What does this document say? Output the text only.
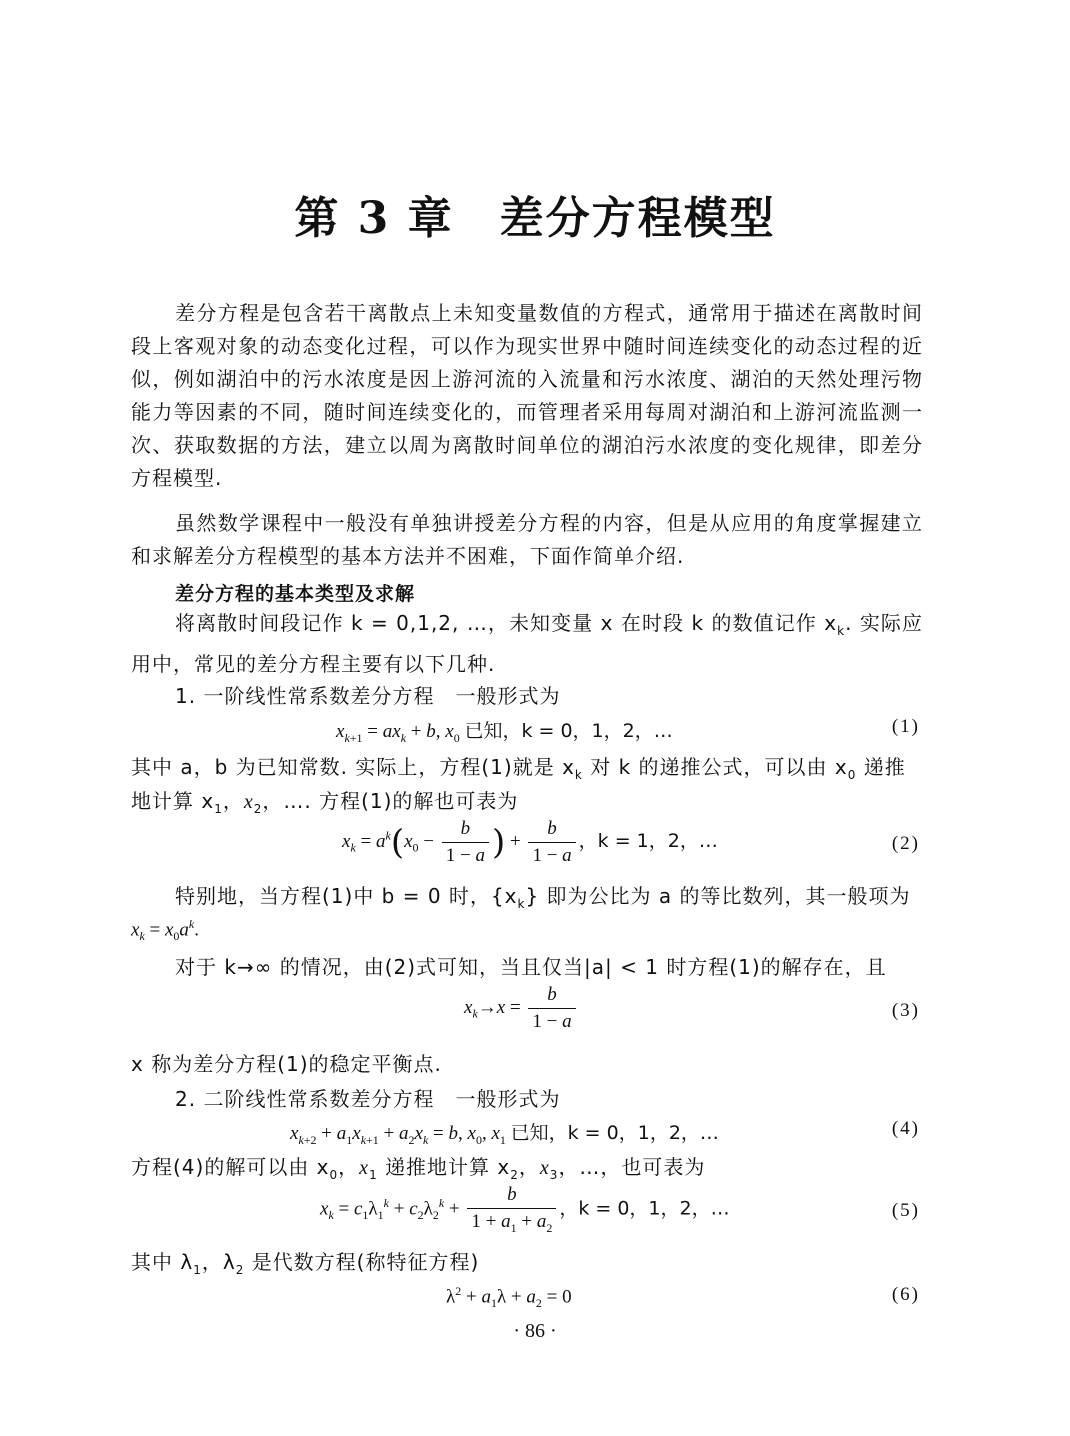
第 3 章 差分方程模型
差分方程是包含若干离散点上未知变量数值的方程式，通常用于描述在离散时间段上客观对象的动态变化过程，可以作为现实世界中随时间连续变化的动态过程的近似，例如湖泊中的污水浓度是因上游河流的入流量和污水浓度、湖泊的天然处理污物能力等因素的不同，随时间连续变化的，而管理者采用每周对湖泊和上游河流监测一次、获取数据的方法，建立以周为离散时间单位的湖泊污水浓度的变化规律，即差分方程模型.
虽然数学课程中一般没有单独讲授差分方程的内容，但是从应用的角度掌握建立和求解差分方程模型的基本方法并不困难，下面作简单介绍.
差分方程的基本类型及求解
将离散时间段记作 k = 0,1,2, …，未知变量 x 在时段 k 的数值记作 $x_k$. 实际应用中，常见的差分方程主要有以下几种.
1. 一阶线性常系数差分方程　一般形式为
$x_{k+1} = ax_k + b$, $x_0$ 已知，k = 0，1，2，…	(1)
其中 a，b 为已知常数. 实际上，方程(1)就是 $x_k$ 对 k 的递推公式，可以由 $x_0$ 递推
地计算 $x_1$，$x_2$，…. 方程(1)的解也可表为
$x_k = a^k(x_0 - \frac{b}{1 - a}$ ) + $\frac{b}{1 - a}$ ，k = 1，2，…	(2)
特别地，当方程(1)中 b = 0 时，$\{x_k\}$ 即为公比为 a 的等比数列，其一般项为
$x_k = x_0a^k$.
对于 k→∞ 的情况，由(2)式可知，当且仅当|a| < 1 时方程(1)的解存在，且
$x_k\to x = \frac{b}{1 - a}$	(3)
x 称为差分方程(1)的稳定平衡点.
2. 二阶线性常系数差分方程　一般形式为
$x_{k+2} + a_1x_{k+1} + a_2x_k = b$, $x_0$, $x_1$ 已知，k = 0，1，2，…	(4)
方程(4)的解可以由 $x_0$，$x_1$ 递推地计算 $x_2$，$x_3$，…，也可表为
$x_k = c_1\lambda_1^k + c_2\lambda_2^k + \frac{b}{1 + a_1 + a_2}$ ，k = 0，1，2，…	(5)
其中 $\lambda_1$，$\lambda_2$ 是代数方程(称特征方程)
$\lambda^2 + a_1\lambda + a_2 = 0$	(6)
· 86 ·
